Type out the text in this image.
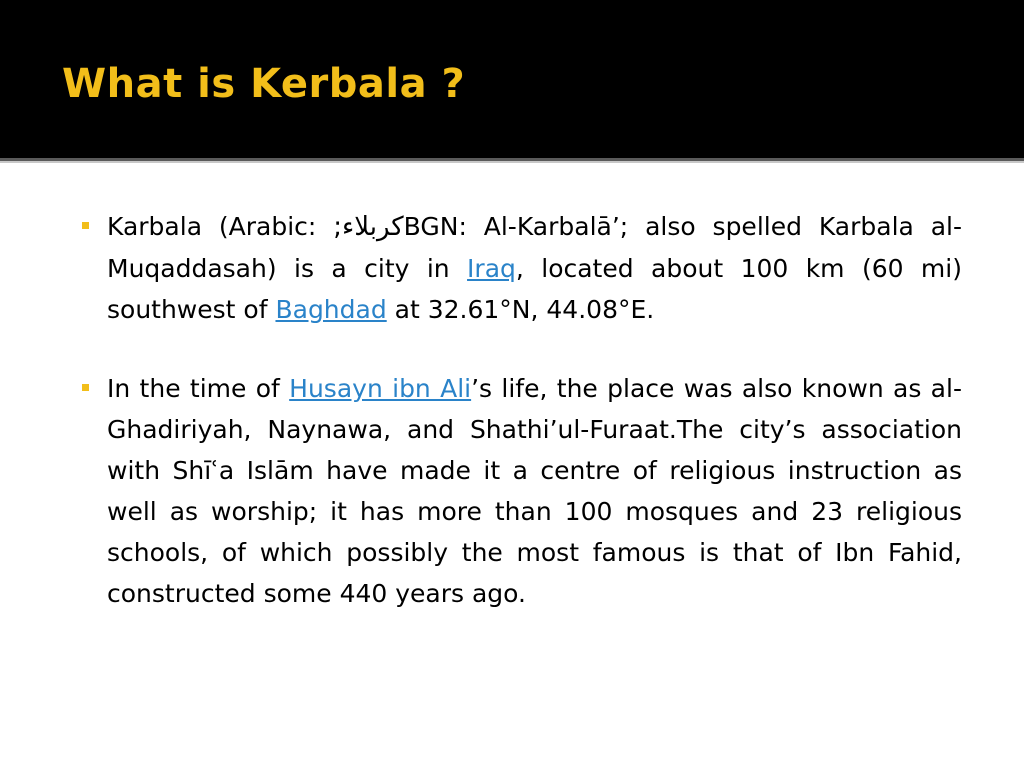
What is Kerbala ?

Karbala (Arabic: كربلاء;BGN: Al-Karbalā’; also spelled Karbala al-Muqaddasah) is a city in Iraq, located about 100 km (60 mi) southwest of Baghdad at 32.61°N, 44.08°E.

In the time of Husayn ibn Ali’s life, the place was also known as al-Ghadiriyah, Naynawa, and Shathi’ul-Furaat.The city’s association with Shīʿa Islām have made it a centre of religious instruction as well as worship; it has more than 100 mosques and 23 religious schools, of which possibly the most famous is that of Ibn Fahid, constructed some 440 years ago.
